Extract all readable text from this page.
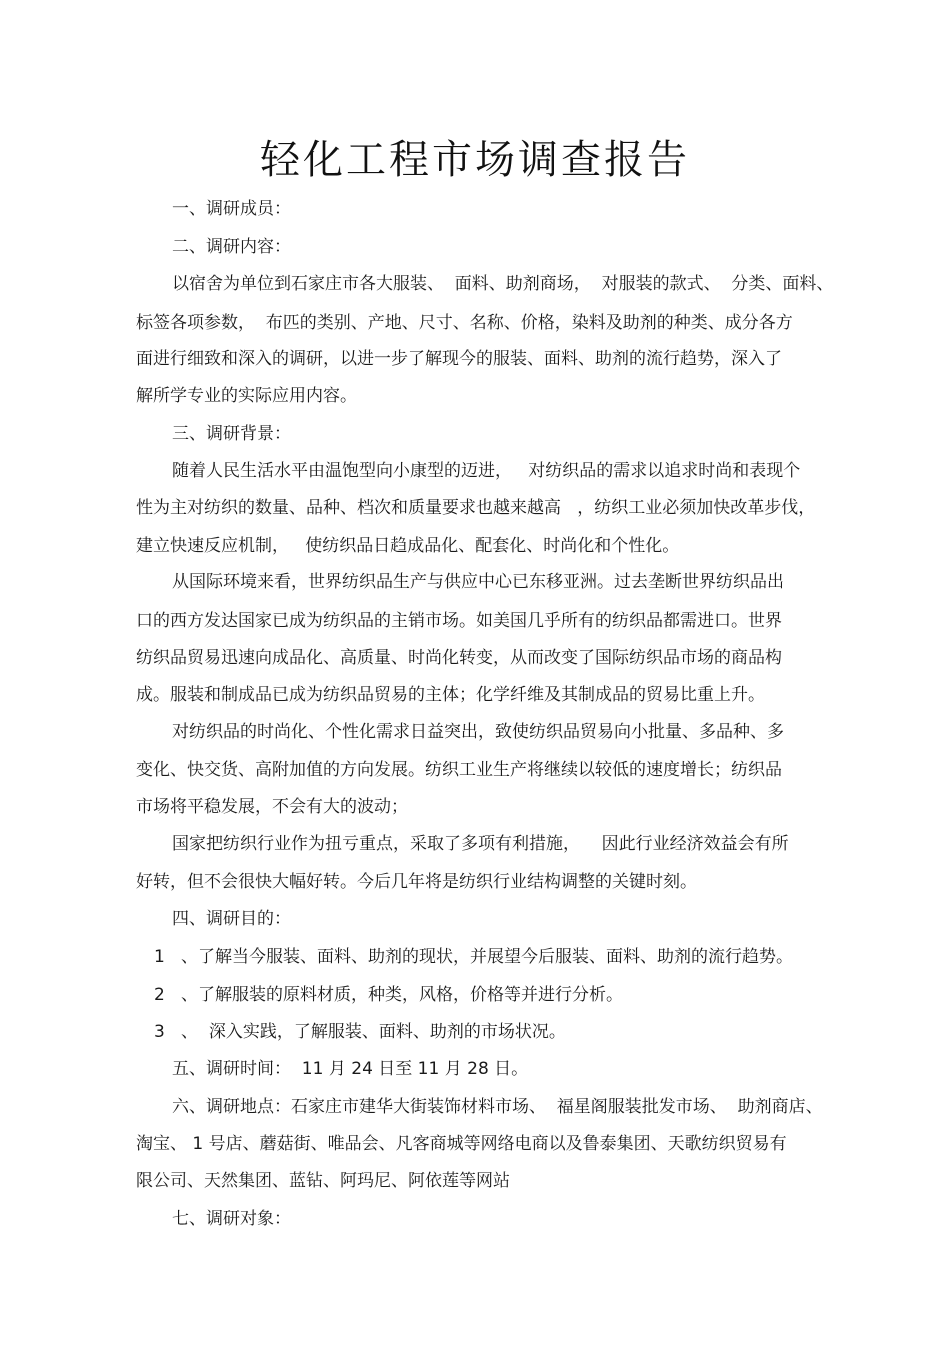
轻化工程市场调查报告
一、调研成员：
二、调研内容：
以宿舍为单位到石家庄市各大服装、  面料、助剂商场，  对服装的款式、  分类、面料、
标签各项参数，  布匹的类别、产地、尺寸、名称、价格，染料及助剂的种类、成分各方
面进行细致和深入的调研，以进一步了解现今的服装、面料、助剂的流行趋势，深入了
解所学专业的实际应用内容。
三、调研背景：
随着人民生活水平由温饱型向小康型的迈进，   对纺织品的需求以追求时尚和表现个
性为主对纺织的数量、品种、档次和质量要求也越来越高   ，纺织工业必须加快改革步伐，
建立快速反应机制，   使纺织品日趋成品化、配套化、时尚化和个性化。
从国际环境来看，世界纺织品生产与供应中心已东移亚洲。过去垄断世界纺织品出
口的西方发达国家已成为纺织品的主销市场。如美国几乎所有的纺织品都需进口。世界
纺织品贸易迅速向成品化、高质量、时尚化转变，从而改变了国际纺织品市场的商品构
成。服装和制成品已成为纺织品贸易的主体；化学纤维及其制成品的贸易比重上升。
对纺织品的时尚化、个性化需求日益突出，致使纺织品贸易向小批量、多品种、多
变化、快交货、高附加值的方向发展。纺织工业生产将继续以较低的速度增长；纺织品
市场将平稳发展，不会有大的波动；
国家把纺织行业作为扭亏重点，采取了多项有利措施，    因此行业经济效益会有所
好转，但不会很快大幅好转。今后几年将是纺织行业结构调整的关键时刻。
四、调研目的：
1   、了解当今服装、面料、助剂的现状，并展望今后服装、面料、助剂的流行趋势。
2   、了解服装的原料材质，种类，风格，价格等并进行分析。
3   、  深入实践，了解服装、面料、助剂的市场状况。
五、调研时间：  11 月 24 日至 11 月 28 日。
六、调研地点：石家庄市建华大街装饰材料市场、  福星阁服装批发市场、  助剂商店、
淘宝、 1 号店、蘑菇街、唯品会、凡客商城等网络电商以及鲁泰集团、天歌纺织贸易有
限公司、天然集团、蓝钻、阿玛尼、阿依莲等网站
七、调研对象：
